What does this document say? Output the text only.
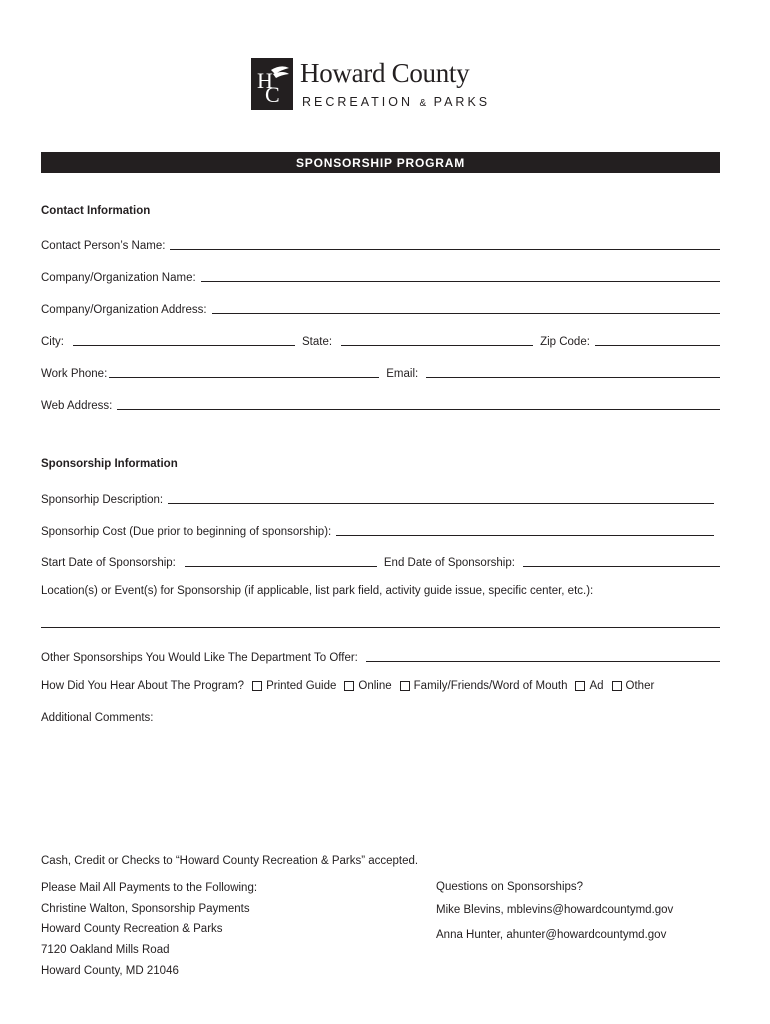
H
C
Howard County
RECREATION & PARKS
SPONSORSHIP PROGRAM
Contact Information
Contact Person’s Name:
Company/Organization Name:
Company/Organization Address:
City:	State:	Zip Code:
Work Phone:	Email:
Web Address:
Sponsorship Information
Sponsorhip Description:
Sponsorhip Cost (Due prior to beginning of sponsorship):
Start Date of Sponsorship:	End Date of Sponsorship:
Location(s) or Event(s) for Sponsorship (if applicable, list park field, activity guide issue, specific center, etc.):
Other Sponsorships You Would Like The Department To Offer:
How Did You Hear About The Program? Printed Guide Online Family/Friends/Word of Mouth Ad Other
Additional Comments:
Cash, Credit or Checks to “Howard County Recreation & Parks” accepted.
Please Mail All Payments to the Following:
Christine Walton, Sponsorship Payments
Howard County Recreation & Parks
7120 Oakland Mills Road
Howard County, MD 21046
Questions on Sponsorships?
Mike Blevins, mblevins@howardcountymd.gov
Anna Hunter, ahunter@howardcountymd.gov
